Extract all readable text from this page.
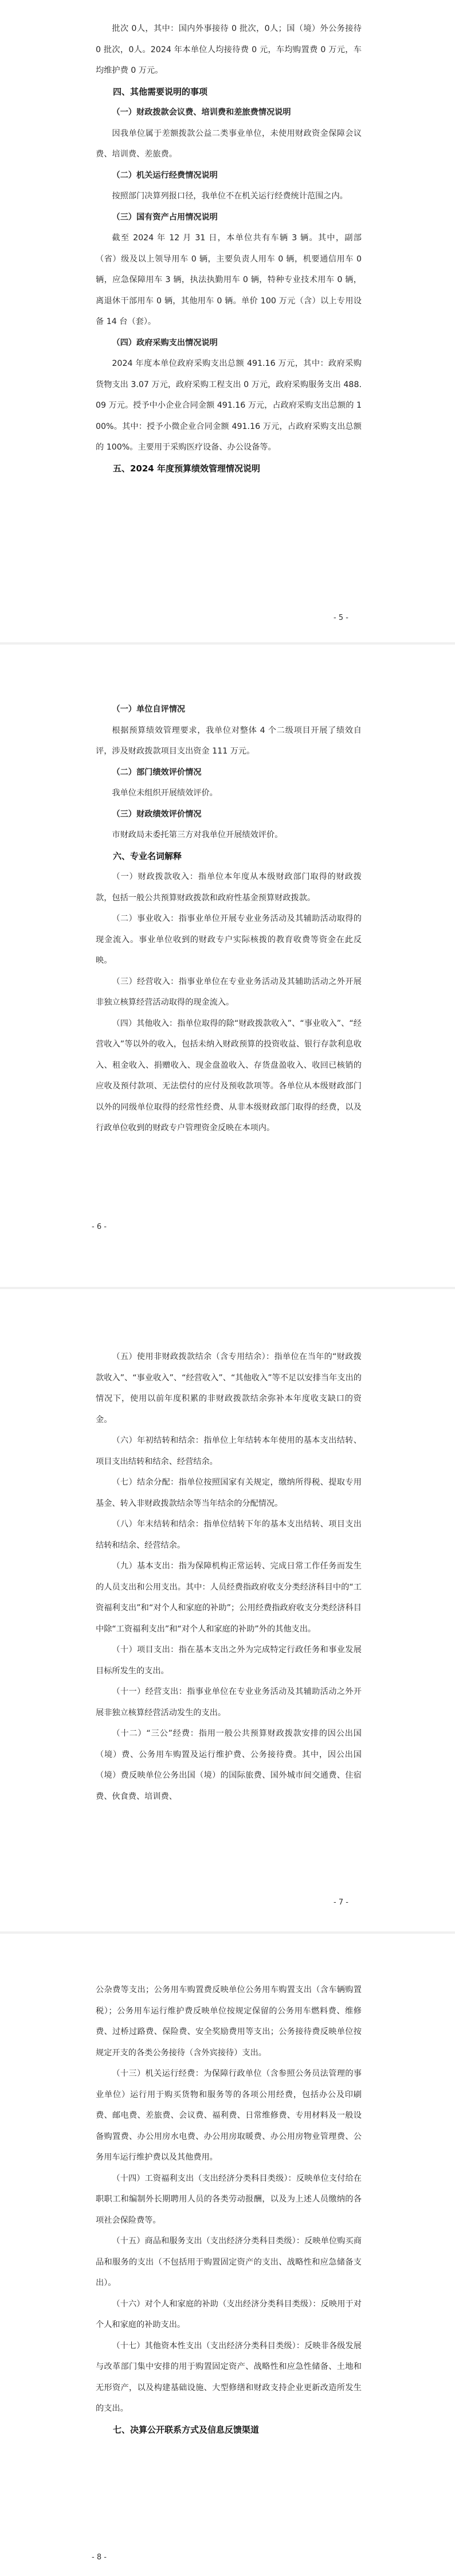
批次 0人，其中：国内外事接待 0 批次，0人；国（境）外公务接待 0 批次，0人。2024 年本单位人均接待费 0 元，车均购置费 0 万元，车均维护费 0 万元。

四、其他需要说明的事项

（一）财政拨款会议费、培训费和差旅费情况说明

因我单位属于差额拨款公益二类事业单位，未使用财政资金保障会议费、培训费、差旅费。

（二）机关运行经费情况说明

按照部门决算列报口径，我单位不在机关运行经费统计范围之内。

（三）国有资产占用情况说明

截至 2024 年 12 月 31 日，本单位共有车辆 3 辆。其中，副部（省）级及以上领导用车 0 辆，主要负责人用车 0 辆，机要通信用车 0 辆，应急保障用车 3 辆，执法执勤用车 0 辆，特种专业技术用车 0 辆，离退休干部用车 0 辆，其他用车 0 辆。单价 100 万元（含）以上专用设备 14 台（套）。

（四）政府采购支出情况说明

2024 年度本单位政府采购支出总额 491.16 万元，其中：政府采购货物支出 3.07 万元，政府采购工程支出 0 万元，政府采购服务支出 488.09 万元。授予中小企业合同金额 491.16 万元，占政府采购支出总额的 100%。其中：授予小微企业合同金额 491.16 万元，占政府采购支出总额的 100%。主要用于采购医疗设备、办公设备等。

五、2024 年度预算绩效管理情况说明

- 5 -

（一）单位自评情况

根据预算绩效管理要求，我单位对整体 4 个二级项目开展了绩效自评，涉及财政拨款项目支出资金 111 万元。

（二）部门绩效评价情况

我单位未组织开展绩效评价。

（三）财政绩效评价情况

市财政局未委托第三方对我单位开展绩效评价。

六、专业名词解释

（一）财政拨款收入：指单位本年度从本级财政部门取得的财政拨款，包括一般公共预算财政拨款和政府性基金预算财政拨款。

（二）事业收入：指事业单位开展专业业务活动及其辅助活动取得的现金流入。事业单位收到的财政专户实际核拨的教育收费等资金在此反映。

（三）经营收入：指事业单位在专业业务活动及其辅助活动之外开展非独立核算经营活动取得的现金流入。

（四）其他收入：指单位取得的除“财政拨款收入”、“事业收入”、“经营收入”等以外的收入，包括未纳入财政预算的投资收益、银行存款利息收入、租金收入、捐赠收入、现金盘盈收入、存货盘盈收入、收回已核销的应收及预付款项、无法偿付的应付及预收款项等。各单位从本级财政部门以外的同级单位取得的经常性经费、从非本级财政部门取得的经费，以及行政单位收到的财政专户管理资金反映在本项内。

- 6 -

（五）使用非财政拨款结余（含专用结余）：指单位在当年的“财政拨款收入”、“事业收入”、“经营收入”、“其他收入”等不足以安排当年支出的情况下，使用以前年度积累的非财政拨款结余弥补本年度收支缺口的资金。

（六）年初结转和结余：指单位上年结转本年使用的基本支出结转、项目支出结转和结余、经营结余。

（七）结余分配：指单位按照国家有关规定，缴纳所得税、提取专用基金、转入非财政拨款结余等当年结余的分配情况。

（八）年末结转和结余：指单位结转下年的基本支出结转、项目支出结转和结余、经营结余。

（九）基本支出：指为保障机构正常运转、完成日常工作任务而发生的人员支出和公用支出。其中：人员经费指政府收支分类经济科目中的“工资福利支出”和“对个人和家庭的补助”；公用经费指政府收支分类经济科目中除“工资福利支出”和“对个人和家庭的补助”外的其他支出。

（十）项目支出：指在基本支出之外为完成特定行政任务和事业发展目标所发生的支出。

（十一）经营支出：指事业单位在专业业务活动及其辅助活动之外开展非独立核算经营活动发生的支出。

（十二）“三公”经费：指用一般公共预算财政拨款安排的因公出国（境）费、公务用车购置及运行维护费、公务接待费。其中，因公出国（境）费反映单位公务出国（境）的国际旅费、国外城市间交通费、住宿费、伙食费、培训费、

- 7 -

公杂费等支出；公务用车购置费反映单位公务用车购置支出（含车辆购置税）；公务用车运行维护费反映单位按规定保留的公务用车燃料费、维修费、过桥过路费、保险费、安全奖励费用等支出；公务接待费反映单位按规定开支的各类公务接待（含外宾接待）支出。

（十三）机关运行经费：为保障行政单位（含参照公务员法管理的事业单位）运行用于购买货物和服务等的各项公用经费，包括办公及印刷费、邮电费、差旅费、会议费、福利费、日常维修费、专用材料及一般设备购置费、办公用房水电费、办公用房取暖费、办公用房物业管理费、公务用车运行维护费以及其他费用。

（十四）工资福利支出（支出经济分类科目类级）：反映单位支付给在职职工和编制外长期聘用人员的各类劳动报酬，以及为上述人员缴纳的各项社会保险费等。

（十五）商品和服务支出（支出经济分类科目类级）：反映单位购买商品和服务的支出（不包括用于购置固定资产的支出、战略性和应急储备支出）。

（十六）对个人和家庭的补助（支出经济分类科目类级）：反映用于对个人和家庭的补助支出。

（十七）其他资本性支出（支出经济分类科目类级）：反映非各级发展与改革部门集中安排的用于购置固定资产、战略性和应急性储备、土地和无形资产，以及构建基础设施、大型修缮和财政支持企业更新改造所发生的支出。

七、决算公开联系方式及信息反馈渠道

- 8 -
